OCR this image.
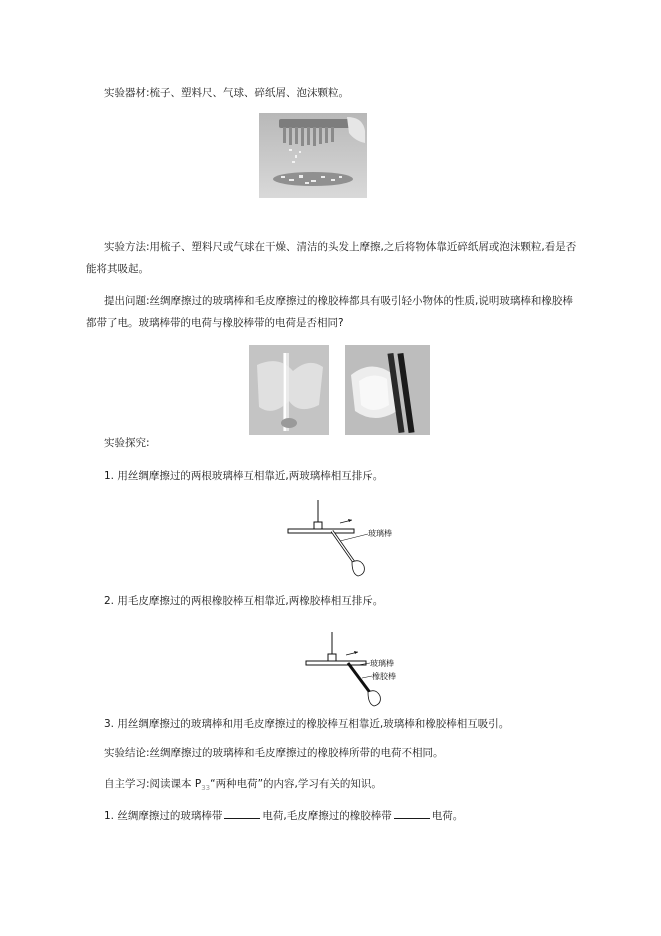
实验器材:梳子、塑料尺、气球、碎纸屑、泡沫颗粒。
实验方法:用梳子、塑料尺或气球在干燥、清洁的头发上摩擦,之后将物体靠近碎纸屑或泡沫颗粒,看是否能将其吸起。
提出问题:丝绸摩擦过的玻璃棒和毛皮摩擦过的橡胶棒都具有吸引轻小物体的性质,说明玻璃棒和橡胶棒都带了电。玻璃棒带的电荷与橡胶棒带的电荷是否相同?
实验探究:
1. 用丝绸摩擦过的两根玻璃棒互相靠近,两玻璃棒相互排斥。
玻璃棒
2. 用毛皮摩擦过的两根橡胶棒互相靠近,两橡胶棒相互排斥。
玻璃棒
橡胶棒
3. 用丝绸摩擦过的玻璃棒和用毛皮摩擦过的橡胶棒互相靠近,玻璃棒和橡胶棒相互吸引。
实验结论:丝绸摩擦过的玻璃棒和毛皮摩擦过的橡胶棒所带的电荷不相同。
自主学习:阅读课本 $P_{33}“$两种电荷”的内容,学习有关的知识。
1. 丝绸摩擦过的玻璃棒带	电荷,毛皮摩擦过的橡胶棒带	电荷。
